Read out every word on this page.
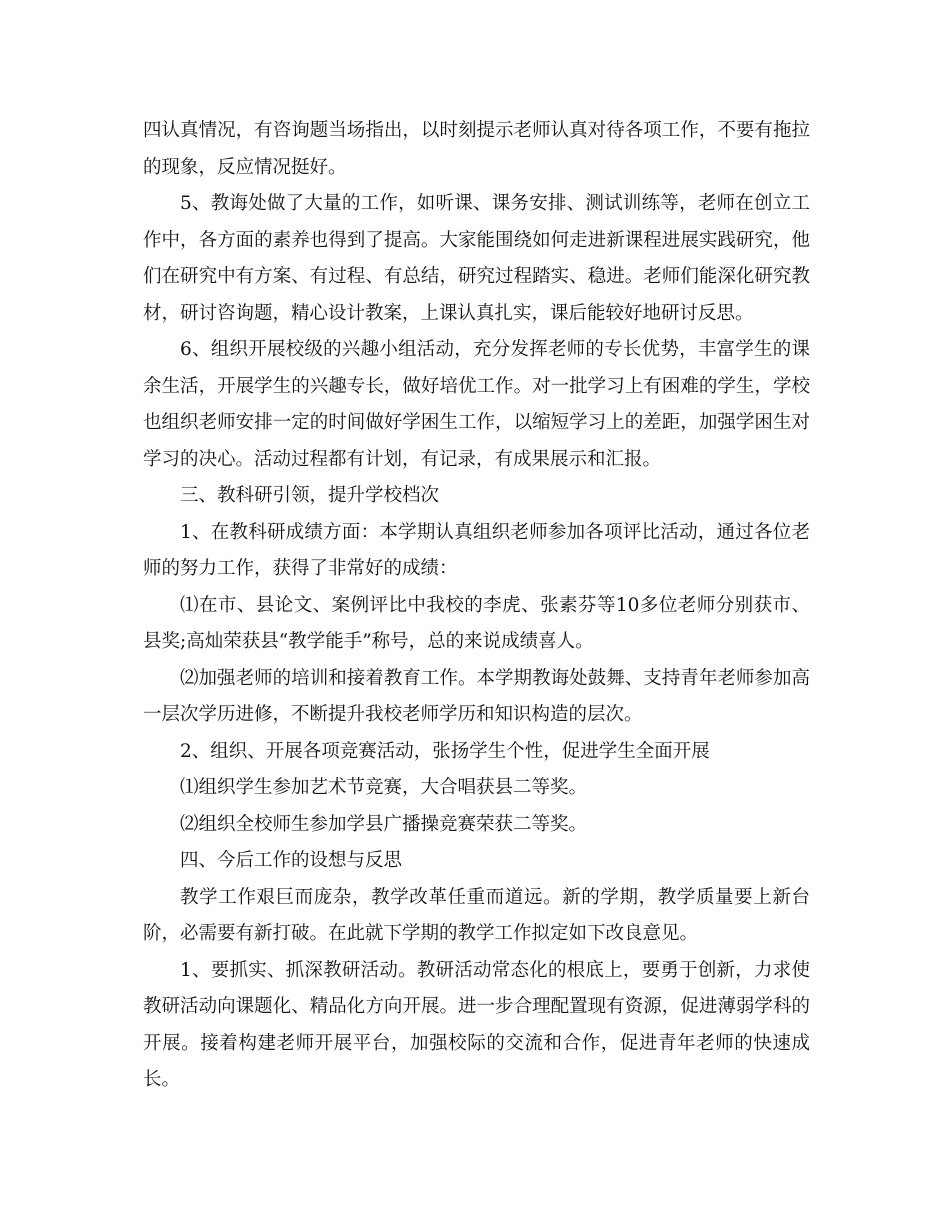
四认真情况，有咨询题当场指出，以时刻提示老师认真对待各项工作，不要有拖拉的现象，反应情况挺好。

5、教诲处做了大量的工作，如听课、课务安排、测试训练等，老师在创立工作中，各方面的素养也得到了提高。大家能围绕如何走进新课程进展实践研究，他们在研究中有方案、有过程、有总结，研究过程踏实、稳进。老师们能深化研究教材，研讨咨询题，精心设计教案，上课认真扎实，课后能较好地研讨反思。

6、组织开展校级的兴趣小组活动，充分发挥老师的专长优势，丰富学生的课余生活，开展学生的兴趣专长，做好培优工作。对一批学习上有困难的学生，学校也组织老师安排一定的时间做好学困生工作，以缩短学习上的差距，加强学困生对学习的决心。活动过程都有计划，有记录，有成果展示和汇报。

三、教科研引领，提升学校档次

1、在教科研成绩方面：本学期认真组织老师参加各项评比活动，通过各位老师的努力工作，获得了非常好的成绩：

⑴在市、县论文、案例评比中我校的李虎、张素芬等10多位老师分别获市、县奖;高灿荣获县“教学能手”称号，总的来说成绩喜人。

⑵加强老师的培训和接着教育工作。本学期教诲处鼓舞、支持青年老师参加高一层次学历进修，不断提升我校老师学历和知识构造的层次。

2、组织、开展各项竞赛活动，张扬学生个性，促进学生全面开展

⑴组织学生参加艺术节竞赛，大合唱获县二等奖。

⑵组织全校师生参加学县广播操竞赛荣获二等奖。

四、今后工作的设想与反思

教学工作艰巨而庞杂，教学改革任重而道远。新的学期，教学质量要上新台阶，必需要有新打破。在此就下学期的教学工作拟定如下改良意见。

1、要抓实、抓深教研活动。教研活动常态化的根底上，要勇于创新，力求使教研活动向课题化、精品化方向开展。进一步合理配置现有资源，促进薄弱学科的开展。接着构建老师开展平台，加强校际的交流和合作，促进青年老师的快速成长。
